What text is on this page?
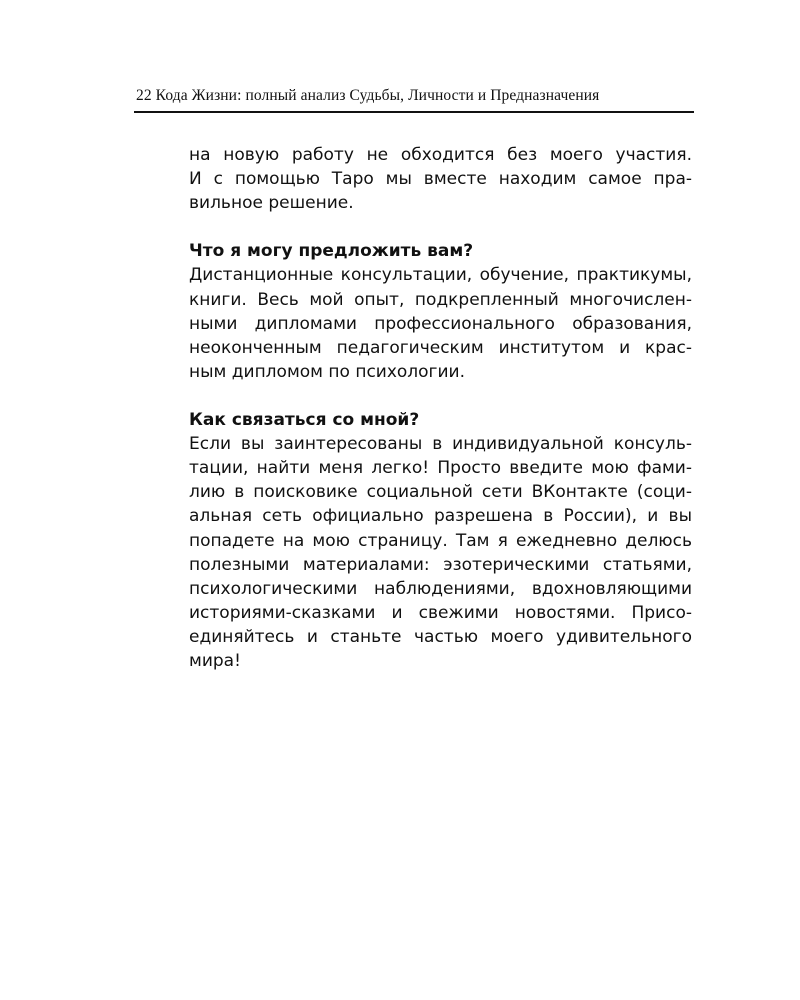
22 Кода Жизни: полный анализ Судьбы, Личности и Предназначения
на новую работу не обходится без моего участия.
И с помощью Таро мы вместе находим самое пра-
вильное решение.
Что я могу предложить вам?
Дистанционные консультации, обучение, практикумы,
книги. Весь мой опыт, подкрепленный многочислен-
ными дипломами профессионального образования,
неоконченным педагогическим институтом и крас-
ным дипломом по психологии.
Как связаться со мной?
Если вы заинтересованы в индивидуальной консуль-
тации, найти меня легко! Просто введите мою фами-
лию в поисковике социальной сети ВКонтакте (соци-
альная сеть официально разрешена в России), и вы
попадете на мою страницу. Там я ежедневно делюсь
полезными материалами: эзотерическими статьями,
психологическими наблюдениями, вдохновляющими
историями-сказками и свежими новостями. Присо-
единяйтесь и станьте частью моего удивительного
мира!
